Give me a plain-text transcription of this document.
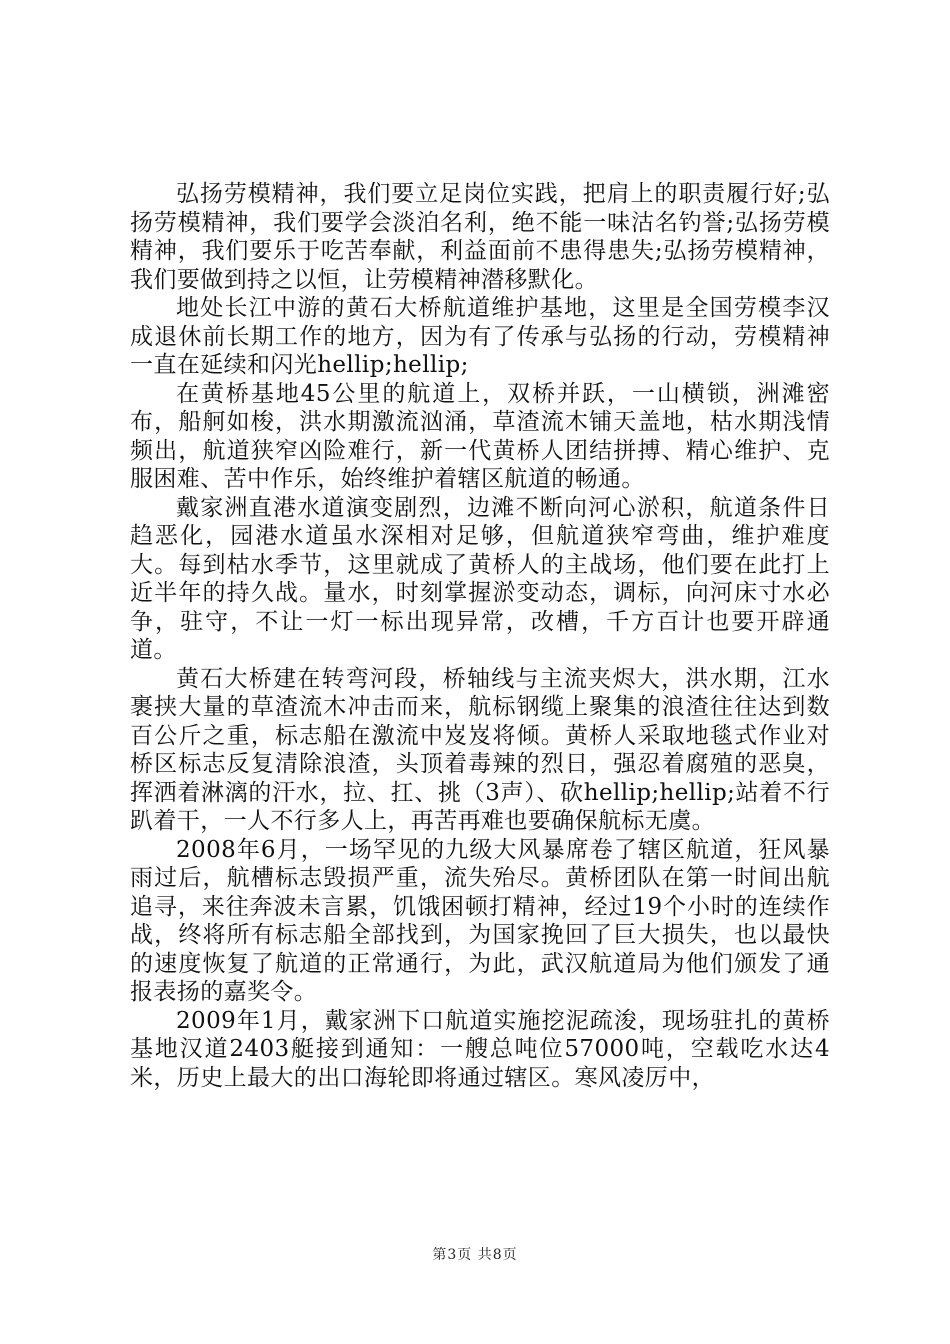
弘扬劳模精神，我们要立足岗位实践，把肩上的职责履行好;弘扬劳模精神，我们要学会淡泊名利，绝不能一味沽名钓誉;弘扬劳模精神，我们要乐于吃苦奉献，利益面前不患得患失;弘扬劳模精神，我们要做到持之以恒，让劳模精神潜移默化。

地处长江中游的黄石大桥航道维护基地，这里是全国劳模李汉成退休前长期工作的地方，因为有了传承与弘扬的行动，劳模精神一直在延续和闪光hellip;hellip;

在黄桥基地45公里的航道上，双桥并跃，一山横锁，洲滩密布，船舸如梭，洪水期激流汹涌，草渣流木铺天盖地，枯水期浅情频出，航道狭窄凶险难行，新一代黄桥人团结拼搏、精心维护、克服困难、苦中作乐，始终维护着辖区航道的畅通。

戴家洲直港水道演变剧烈，边滩不断向河心淤积，航道条件日趋恶化，园港水道虽水深相对足够，但航道狭窄弯曲，维护难度大。每到枯水季节，这里就成了黄桥人的主战场，他们要在此打上近半年的持久战。量水，时刻掌握淤变动态，调标，向河床寸水必争，驻守，不让一灯一标出现异常，改槽，千方百计也要开辟通道。

黄石大桥建在转弯河段，桥轴线与主流夹烬大，洪水期，江水裹挟大量的草渣流木冲击而来，航标钢缆上聚集的浪渣往往达到数百公斤之重，标志船在激流中岌岌将倾。黄桥人采取地毯式作业对桥区标志反复清除浪渣，头顶着毒辣的烈日，强忍着腐殖的恶臭，挥洒着淋漓的汗水，拉、扛、挑（3声）、砍hellip;hellip;站着不行趴着干，一人不行多人上，再苦再难也要确保航标无虞。

2008年6月，一场罕见的九级大风暴席卷了辖区航道，狂风暴雨过后，航槽标志毁损严重，流失殆尽。黄桥团队在第一时间出航追寻，来往奔波未言累，饥饿困顿打精神，经过19个小时的连续作战，终将所有标志船全部找到，为国家挽回了巨大损失，也以最快的速度恢复了航道的正常通行，为此，武汉航道局为他们颁发了通报表扬的嘉奖令。

2009年1月，戴家洲下口航道实施挖泥疏浚，现场驻扎的黄桥基地汉道2403艇接到通知：一艘总吨位57000吨，空载吃水达4米，历史上最大的出口海轮即将通过辖区。寒风凌厉中，

第3页 共8页
